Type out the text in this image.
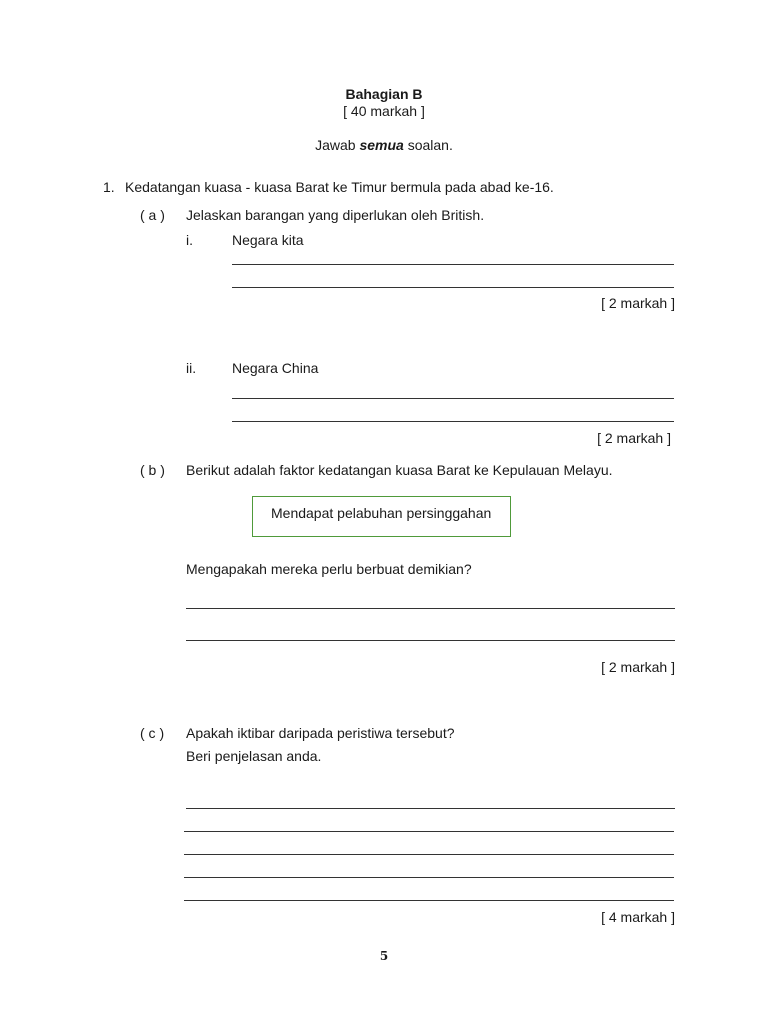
Bahagian B
[ 40 markah ]
Jawab semua soalan.
1. Kedatangan kuasa - kuasa Barat ke Timur bermula pada abad ke-16.
( a ) Jelaskan barangan yang diperlukan oleh British.
i.	Negara kita
[ 2 markah ]
ii.	Negara China
[ 2 markah ]
( b ) Berikut adalah faktor kedatangan kuasa Barat ke Kepulauan Melayu.
Mendapat pelabuhan persinggahan
Mengapakah mereka perlu berbuat demikian?
[ 2 markah ]
( c ) Apakah iktibar daripada peristiwa tersebut?
Beri penjelasan anda.
[ 4 markah ]
5
